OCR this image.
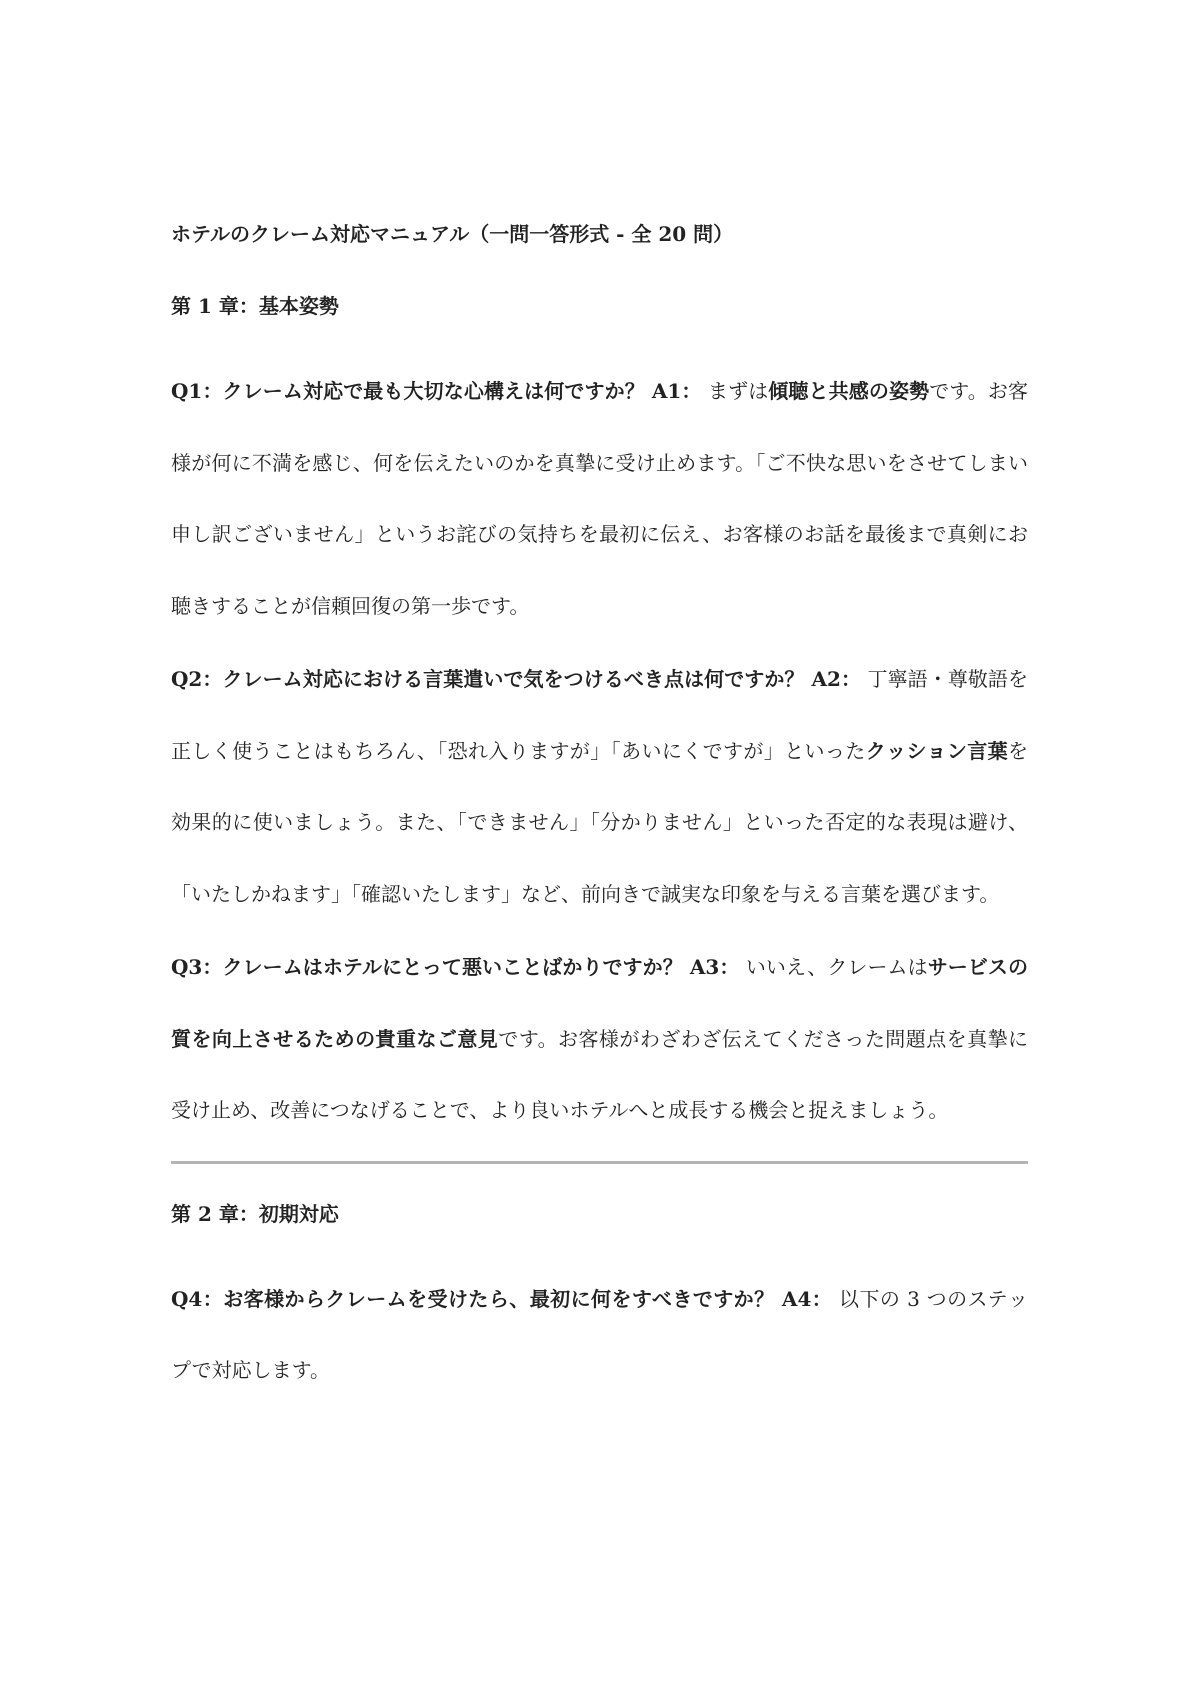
ホテルのクレーム対応マニュアル（一問一答形式 - 全 20 問）
第 1 章：基本姿勢

Q1：クレーム対応で最も大切な心構えは何ですか？ A1： まずは傾聴と共感の姿勢です。お客様が何に不満を感じ、何を伝えたいのかを真摯に受け止めます。「ご不快な思いをさせてしまい申し訳ございません」というお詫びの気持ちを最初に伝え、お客様のお話を最後まで真剣にお聴きすることが信頼回復の第一歩です。

Q2：クレーム対応における言葉遣いで気をつけるべき点は何ですか？ A2： 丁寧語・尊敬語を正しく使うことはもちろん、「恐れ入りますが」「あいにくですが」といったクッション言葉を効果的に使いましょう。また、「できません」「分かりません」といった否定的な表現は避け、「いたしかねます」「確認いたします」など、前向きで誠実な印象を与える言葉を選びます。

Q3：クレームはホテルにとって悪いことばかりですか？ A3： いいえ、クレームはサービスの質を向上させるための貴重なご意見です。お客様がわざわざ伝えてくださった問題点を真摯に受け止め、改善につなげることで、より良いホテルへと成長する機会と捉えましょう。

第 2 章：初期対応

Q4：お客様からクレームを受けたら、最初に何をすべきですか？ A4： 以下の 3 つのステップで対応します。
